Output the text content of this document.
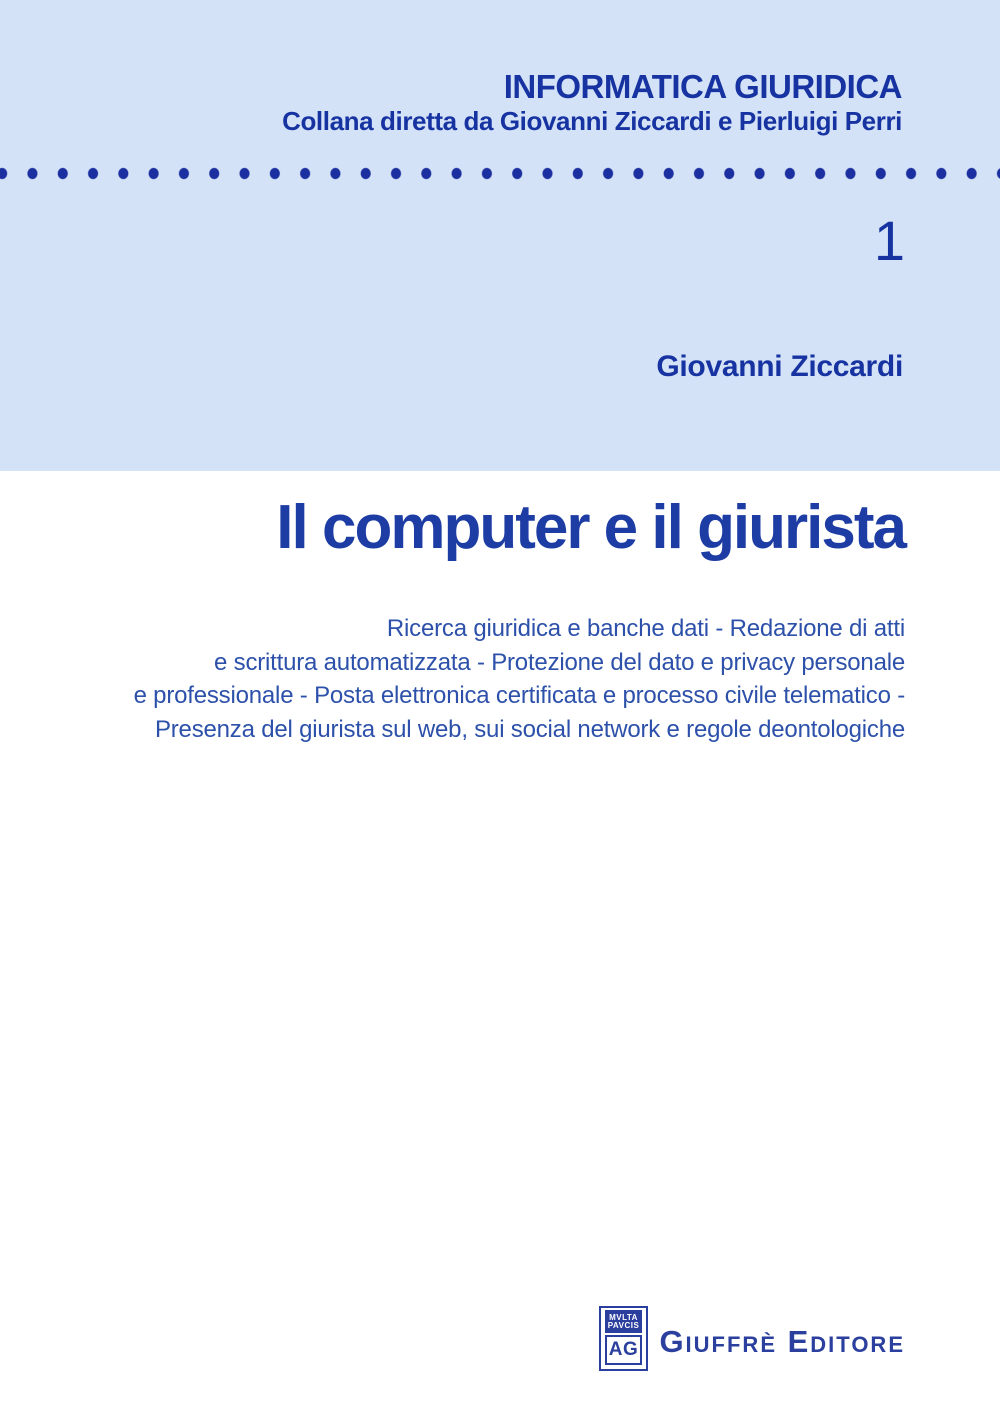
INFORMATICA GIURIDICA
Collana diretta da Giovanni Ziccardi e Pierluigi Perri
1
Giovanni Ziccardi
Il computer e il giurista
Ricerca giuridica e banche dati - Redazione di atti
e scrittura automatizzata - Protezione del dato e privacy personale
e professionale - Posta elettronica certificata e processo civile telematico -
Presenza del giurista sul web, sui social network e regole deontologiche
MVLTA
PAVCIS
AG Giuffrè Editore
